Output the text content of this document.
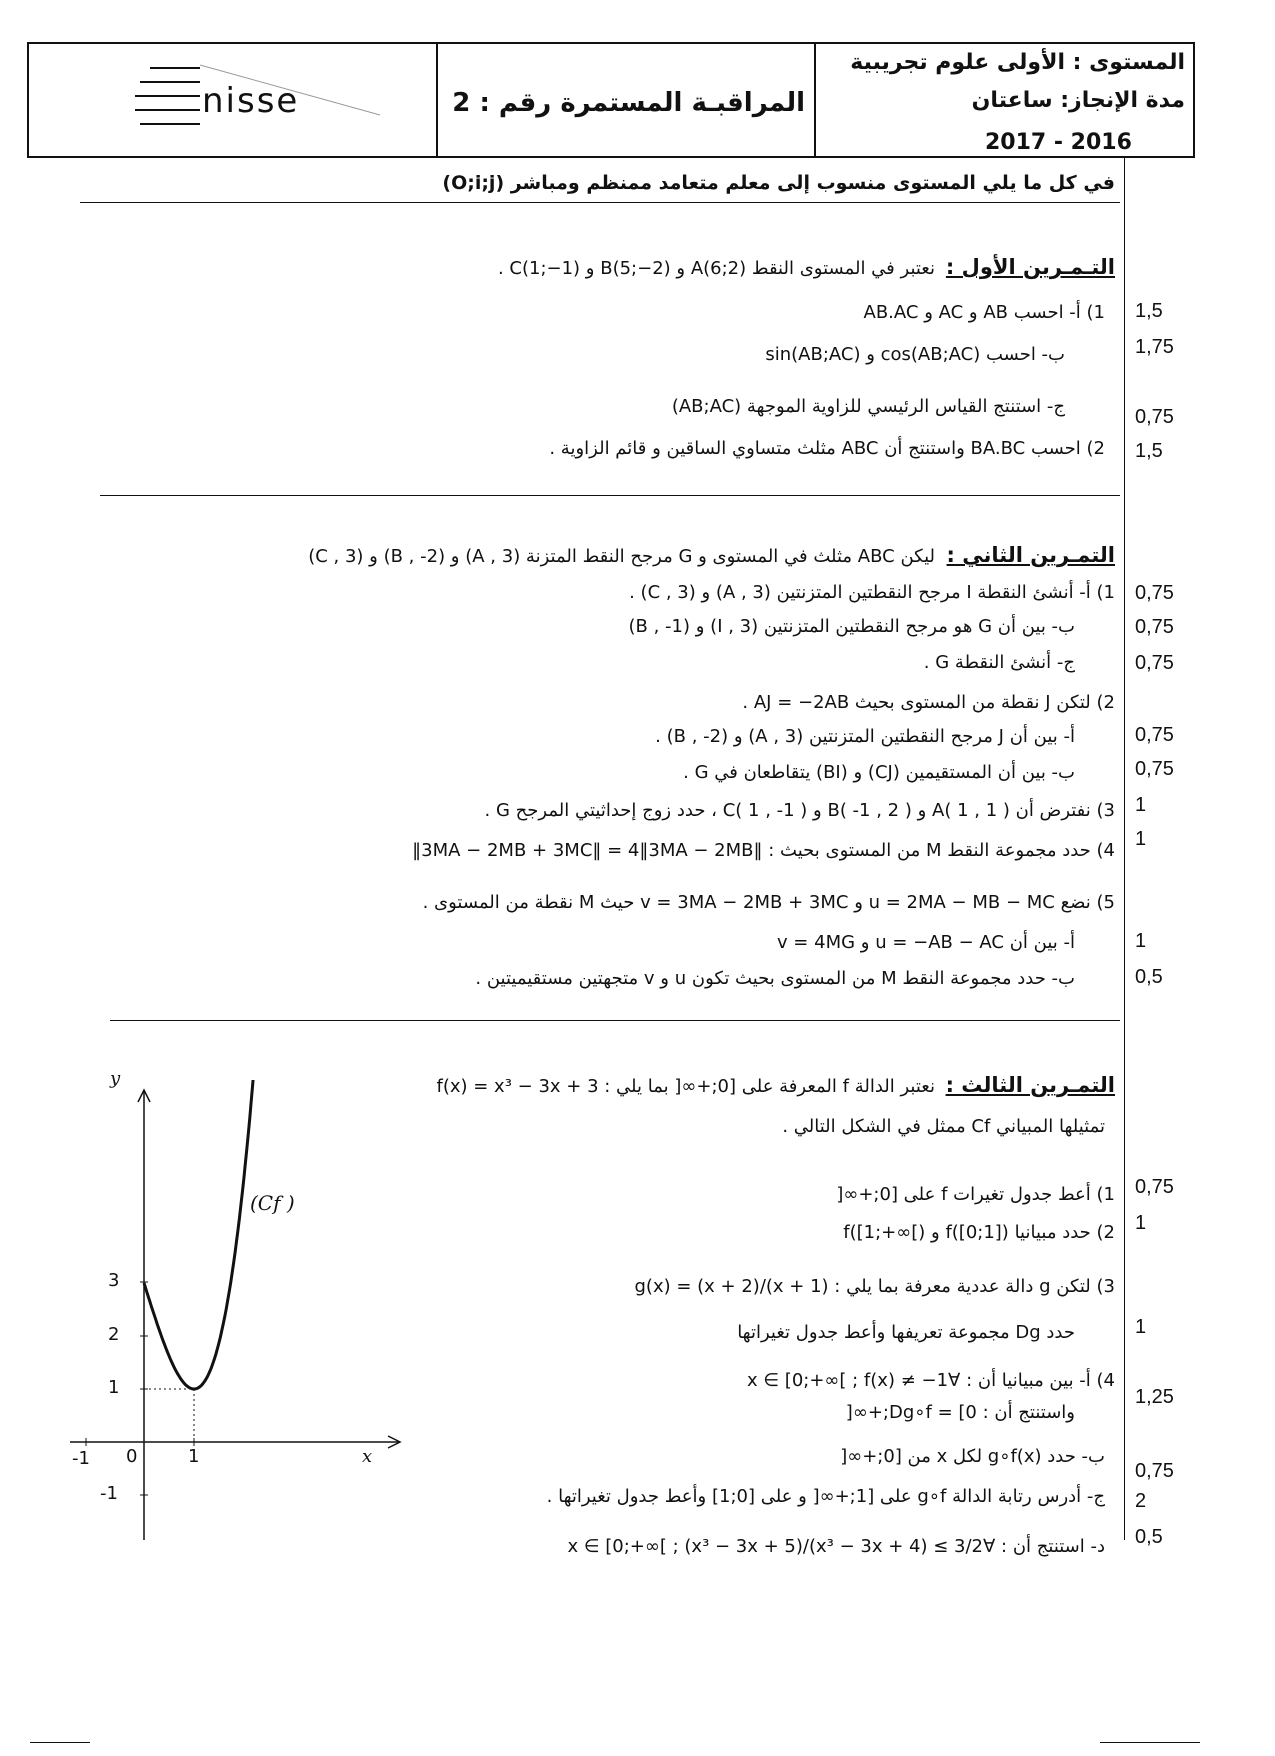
المستوى : الأولى علوم تجريبية
مدة الإنجاز: ساعتان
2017 - 2016
المراقبـة المستمرة رقم : 2
nisse
في كل ما يلي المستوى منسوب إلى معلم متعامد ممنظم ومباشر (O;i;j)
التـمـرين الأول :
نعتبر في المستوى النقط A(6;2) و B(5;−2) و C(1;−1) .
1) أ- احسب AB و AC و AB.AC
ب- احسب cos(AB;AC) و sin(AB;AC)
ج- استنتج القياس الرئيسي للزاوية الموجهة (AB;AC)
2) احسب BA.BC واستنتج أن ABC مثلث متساوي الساقين و قائم الزاوية .
1,5
1,75
0,75
1,5
التمـرين الثاني :
ليكن ABC مثلث في المستوى و G مرجح النقط المتزنة (A , 3) و (B , -2) و (C , 3)
1) أ- أنشئ النقطة I مرجح النقطتين المتزنتين (A , 3) و (C , 3) .
ب- بين أن G هو مرجح النقطتين المتزنتين (I , 3) و (B , -1)
ج- أنشئ النقطة G .
2) لتكن J نقطة من المستوى بحيث AJ = −2AB .
أ- بين أن J مرجح النقطتين المتزنتين (A , 3) و (B , -2) .
ب- بين أن المستقيمين (CJ) و (BI) يتقاطعان في G .
3) نفترض أن A( 1 , 1 ) و B( -1 , 2 ) و C( 1 , -1 ) ، حدد زوج إحداثيتي المرجح G .
4) حدد مجموعة النقط M من المستوى بحيث : ‖3MA − 2MB + 3MC‖ = 4‖3MA − 2MB‖
5) نضع u = 2MA − MB − MC و v = 3MA − 2MB + 3MC حيث M نقطة من المستوى .
أ- بين أن u = −AB − AC و v = 4MG
ب- حدد مجموعة النقط M من المستوى بحيث تكون u و v متجهتين مستقيميتين .
0,75
0,75
0,75
0,75
0,75
1
1
1
0,5
التمـرين الثالث :
نعتبر الدالة f المعرفة على [0;+∞[ بما يلي : f(x) = x³ − 3x + 3
تمثيلها المبياني Cf ممثل في الشكل التالي .
1) أعط جدول تغيرات f على [0;+∞[
2) حدد مبيانيا f([0;1]) و f([1;+∞[)
3) لتكن g دالة عددية معرفة بما يلي : g(x) = (x + 2)/(x + 1)
حدد Dg مجموعة تعريفها وأعط جدول تغيراتها
4) أ- بين مبيانيا أن : ∀x ∈ [0;+∞[ ; f(x) ≠ −1
واستنتج أن : Dg∘f = [0;+∞[
ب- حدد g∘f(x) لكل x من [0;+∞[
ج- أدرس رتابة الدالة g∘f على [1;+∞[ و على [0;1] وأعط جدول تغيراتها .
د- استنتج أن : ∀x ∈ [0;+∞[ ; (x³ − 3x + 5)/(x³ − 3x + 4) ≤ 3/2
0,75
1
1
1,25
0,75
2
0,5
y
x
(Cf )
3
2
1
-1
-1 0	1
